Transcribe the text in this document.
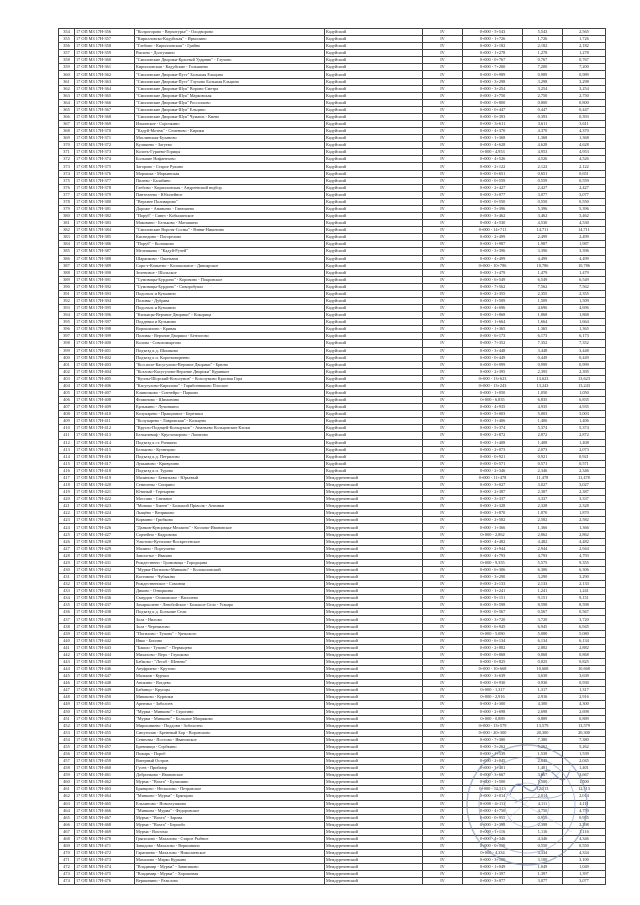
354	17 ОП МЗ 17Н-356	"Колрогорово - Верхотурье" - Олодворово	Кадуйский	IV	0+000 - 5+543	5,543	2,565
355	17 ОП МЗ 17Н-357	"Кирилловско-Кадуйская" - Ирмолинo	Кадуйский	IV	0+000 - 1+726	1,726	1,726
356	17 ОП МЗ 17Н-358	"Глебово - Кирилловская" - Грайно	Кадуйский	IV	0+000 - 2+182	2,182	2,182
357	17 ОП МЗ 17Н-359	Рысино - Долгушино	Кадуйский	IV	0+000 - 1+278	1,278	1,278
358	17 ОП МЗ 17Н-360	"Смиловские Дворики-Красный Ударник" - Глухово	Кадуйский	IV	0+000 - 0+767	0,767	0,767
359	17 ОП МЗ 17Н-361	Кирилловская - Кадуйские - Гольяшево	Кадуйский	IV	0+000 - 7+200	7,200	7,200
360	17 ОП МЗ 17Н-362	"Смиловские Дворики-Пуст" Большая Ельцина	Кадуйский	IV	0+000 - 0+989	0,989	0,989
361	17 ОП МЗ 17Н-363	"Смиловские Дворики-Пуст" Глухово Большая Ельцина	Кадуйский	IV	0+000 - 3+298	3,298	3,298
362	17 ОП МЗ 17Н-364	"Смиловские Дворики-Шуя" Воронь-Сметра	Кадуйский	IV	0+000 - 3+254	3,254	3,254
363	17 ОП МЗ 17Н-365	"Смиловские Дворики-Шуя" Марковская	Кадуйский	IV	0+000 - 2+750	2,750	2,750
364	17 ОП МЗ 17Н-366	"Смиловские Дворики-Шуя" Россолково	Кадуйский	IV	0+000 - 0+800	0,800	0,800
365	17 ОП МЗ 17Н-367	"Смиловские Дворики-Шуя" Ельцино	Кадуйский	IV	0+000 - 0+447	0,447	0,447
366	17 ОП МЗ 17Н-368	"Смиловские Дворики-Шуя" Чумашь - Киево	Кадуйский	IV	0+000 - 0+393	0,393	0,393
367	17 ОП МЗ 17Н-369	Ильинское - Сорочкино	Кадуйский	IV	0+000 - 3+611	3,611	3,611
368	17 ОП МЗ 17Н-370	"Кадуй-Мотеж" - Семеново - Кирики	Кадуйский	IV	0+000 - 4+370	4,370	4,370
369	17 ОП МЗ 17Н-371	Маслинская-Буланово	Кадуйский	IV	0+000 - 1+368	1,368	1,368
370	17 ОП МЗ 17Н-372	Кулишево - Загуево	Кадуйский	IV	0+000 - 4+628	4,628	4,628
371	17 ОП МЗ 17Н-373	Колоть-Гуряево-Горицы	Кадуйский	IV	0+000 - 4,953	4,953	4,953
372	17 ОП МЗ 17Н-374	Большие Нифантьево	Кадуйский	IV	0+000 - 4+526	4,526	4,526
373	17 ОП МЗ 17Н-375	Загорово - Старое Рукино	Кадуйский	IV	0+000 - 2+122	2,122	2,122
374	17 ОП МЗ 17Н-376	Морошка - Марьинская	Кадуйский	IV	0+000 - 0+651	0,651	0,651
375	17 ОП МЗ 17Н-377	Пилево - Балабино	Кадуйский	IV	0+000 - 0+559	0,559	0,559
376	17 ОП МЗ 17Н-378	Глебово - Кирилловская - Андреевский водбор	Кадуйский	IV	0+000 - 2+427	2,427	2,427
377	17 ОП МЗ 17Н-379	Пантелеево - Юбилейное	Кадуйский	IV	0+000 - 3+077	3,077	3,077
378	17 ОП МЗ 17Н-380	"Верхнее Поливарово"	Кадуйский	IV	0+000 - 0+550	0,550	0,550
379	17 ОП МЗ 17Н-381	Дороже - Ананьево - Ганюшево	Кадуйский	IV	0+000 - 5+396	5,396	5,396
380	17 ОП МЗ 17Н-382	"Поруб" - Сивез - Кобылинское	Кадуйский	IV	0+000 - 3+462	3,462	3,462
381	17 ОП МЗ 17Н-383	Маковино - Бельково - Маташино	Кадуйский	IV	0+000 - 4+530	4,530	4,530
382	17 ОП МЗ 17Н-384	"Смиловские Воротя-Сосны" - Вэвви-Никитино	Кадуйский	IV	0+000 - 14+711	14,711	14,711
383	17 ОП МЗ 17Н-385	Киснедино - Погорелово	Кадуйский	IV	0+000 - 2+499	2,499	2,499
384	17 ОП МЗ 17Н-386	"Поруб" - Колпаково	Кадуйский	IV	0+000 - 1+987	1,987	1,987
385	17 ОП МЗ 17Н-387	Мелешково - "Кадуй-Ручей"	Кадуйский	IV	0+000 - 3+396	3,396	3,396
386	17 ОП МЗ 17Н-388	Шарапково - Оконьнов	Кадуйский	IV	0+000 - 4+499	4,499	4,499
387	17 ОП МЗ 17Н-389	Соро-т-Копытно - Колокольное - Дивоярское	Кадуйский	IV	0+000 - 10+786	10,786	10,786
388	17 ОП МЗ 17Н-390	Зеленовое - Шольское	Кадуйский	IV	0+000 - 1+479	1,479	1,479
389	17 ОП МЗ 17Н-391	"Сумовицы-Бурдино" - Коровино - Покровское	Кадуйский	IV	0+000 - 6+549	6,549	6,549
390	17 ОП МЗ 17Н-392	"Сумовицы-Бурдино" - Сиворобуши	Кадуйский	IV	0+000 - 7+562	7,562	7,562
391	17 ОП МЗ 17Н-393	Подольск и Кузьмино	Кадуйский	IV	0+000 - 2+355	2,355	2,355
392	17 ОП МЗ 17Н-394	Поливы - Дубрава	Кадуйский	IV	0+000 - 1+509	1,509	1,509
393	17 ОП МЗ 17Н-395	Подольск и Кузьмино	Кадуйский	IV	0+000 - 4+696	4,696	4,696
394	17 ОП МЗ 17Н-396	"Кильицы-Верхние Дворики" - Кокорица	Кадуйский	IV	0+000 - 1+868	1,868	1,868
395	17 ОП МЗ 17Н-397	Поддевки и Кузьмино	Кадуйский	IV	0+000 - 1+664	1,664	1,664
396	17 ОП МЗ 17Н-398	Ворошилово - Кривая	Кадуйский	IV	0+000 - 1+365	1,365	1,365
397	17 ОП МЗ 17Н-399	Поливы - Верхние Дворики - Безногово	Кадуйский	IV	0+000 - 6+173	6,173	6,173
398	17 ОП МЗ 17Н-400	Колова - Совохомыргово	Кадуйский	IV	0+000 - 7+352	7,352	7,352
399	17 ОП МЗ 17Н-401	Подъезд к д. Шишкова	Кадуйский	IV	0+000 - 3+448	3,448	3,448
400	17 ОП МЗ 17Н-402	Подъезд к п. Коротковорнево	Кадуйский	IV	0+000 - 0+449	0,449	0,449
401	17 ОП МЗ 17Н-403	"Кол.поле-Касугулово-Верхние Дворики" - Брюна	Кадуйский	IV	0+000 - 0+999	0,999	0,999
402	17 ОП МЗ 17Н-404	"Козлово-Касугулово-Верхние Дворики" Куринкое	Кадуйский	IV	0+000 - 2+395	2,395	2,395
403	17 ОП МЗ 17Н-405	"Куплы-Шорский-Козолумов" - Козолумово Красная Гора	Кадуйский	IV	0+000 - 13+623	13,623	13,623
404	17 ОП МЗ 17Н-406	"Касугулово-Кирилово" - Гарибонниково Плоское	Кадуйский	IV	0+000 - 13+243	13,243	13,243
405	17 ОП МЗ 17Н-407	Кляничково - Ситнейро - Парково	Кадуйский	IV	0+000 - 1+050	1,050	1,050
406	17 ОП МЗ 17Н-408	Фоминово - Шимонинo	Кадуйский	IV	0+000 - 6,835	6,835	6,835
407	17 ОП МЗ 17Н-409	Ерлыкино - Лучинкино	Кадуйский	IV	0+000 - 4+935	4,935	4,935
408	17 ОП МЗ 17Н-410	Колупарево - Пращичное - Березики	Кадуйский	IV	0+000 - 5+003	5,003	5,003
409	17 ОП МЗ 17Н-411	"Колупарево - Лавровская" - Кольцево	Кадуйский	IV	0+000 - 1+406	1,406	1,406
410	17 ОП МЗ 17Н-412	"Кругло-Поднцей-Кольцумов" - Ананьево Кольцовские Клоки	Кадуйский	IV	0+000 - 5+374	5,374	5,374
411	17 ОП МЗ 17Н-413	Бельячевиф - Кругломорово - Лазиеово	Кадуйский	IV	0+000 - 2+872	2,872	2,872
412	17 ОП МЗ 17Н-414	Подъезд к ст. Ричкино	Кадуйский	IV	0+000 - 1+408	1,408	1,408
413	17 ОП МЗ 17Н-415	Бельково - Кузнецово	Кадуйский	IV	0+000 - 2+073	2,073	2,073
414	17 ОП МЗ 17Н-416	Подъезд к д. Петрилово	Кадуйский	IV	0+000 - 0+921	0,921	0,921
415	17 ОП МЗ 17Н-417	Лукьяново - Кривулинo	Кадуйский	IV	0+000 - 0+571	0,571	0,571
416	17 ОП МЗ 17Н-418	Подъезд к п. Туровo	Кадуйский	IV	0+000 - 2+346	2,346	2,346
417	17 ОП МЗ 17Н-419	Малиново - Бевизьево - Юрьевый	Междуреченский	IV	0+000 - 11+478	11,478	11,478
418	17 ОП МЗ 17Н-420	Сеничены - Спирино	Междуреченский	IV	0+000 - 3+027	3,027	3,027
419	17 ОП МЗ 17Н-421	Юзиный - Тертыреве	Междуреченский	IV	0+000 - 2+387	2,387	2,387
420	17 ОП МЗ 17Н-422	Моссано - Снежное	Междуреченский	IV	0+000 - 3+337	3,337	3,337
421	17 ОП МЗ 17Н-423	"Монако - Хмеев" - Большой Пріволк - Ангиньв	Междуреченский	IV	0+000 - 2+328	2,328	2,328
422	17 ОП МЗ 17Н-424	Лыщёво - Веприково	Междуреченский	IV	0+000 - 1+870	1,870	1,870
423	17 ОП МЗ 17Н-425	Кормино - Грибково	Междуреченский	IV	0+000 - 2+582	2,582	2,582
424	17 ОП МЗ 17Н-426	"Данков-Кунцовцы-Мелаино" - Козлово-Ивановское	Междуреченский	IV	0+000 - 1+366	1,366	1,366
425	17 ОП МЗ 17Н-427	Сорчейно - Кадровова	Междуреченский	IV	0+000 - 2,862	2,862	2,862
426	17 ОП МЗ 17Н-428	Ускотово-Кутилово-Воскресенское	Междуреченский	IV	0+000 - 4+482	4,482	4,482
427	17 ОП МЗ 17Н-429	Малино - Поргушево	Междуреченский	IV	0+000 - 2+944	2,944	2,944
428	17 ОП МЗ 17Н-430	Заноготье - Ивашно	Междуреченский	IV	0+000 - 4+793	4,793	4,793
429	17 ОП МЗ 17Н-431	Рождествено - Громовица - Городщина	Междуреченский	IV	0+000 - 9,355	5,575	9,355
430	17 ОП МЗ 17Н-432	"Мурма-Погилово-Минково" - Колоколовский	Междуреченский	IV	0+000 - 6+306	6,306	6,306
431	17 ОП МЗ 17Н-433	Кастимно - Чубыкiно	Междуреченский	IV	0+000 - 3+290	3,290	3,290
432	17 ОП МЗ 17Н-434	Рождественское - Сомовчи	Междуреченский	IV	0+000 - 2+133	2,133	2,133
433	17 ОП МЗ 17Н-435	Диково - Отворкино	Междуреченский	IV	0+000 - 1+241	1,241	1,241
434	17 ОП МЗ 17Н-436	Смердов - Осиповское - Василево	Междуреченский	IV	0+000 - 9+151	9,151	9,151
435	17 ОП МЗ 17Н-437	Захаркилене - Левобойское - Большое Село - Усмира	Междуреченский	IV	0+000 - 8+598	8,598	8,598
436	17 ОП МЗ 17Н-438	Подъезд к д. Большие Сели	Междуреченский	IV	0+000 - 0+567	0,567	0,567
437	17 ОП МЗ 17Н-439	Зола - Нилово	Междуреченский	IV	0+000 - 3+720	3,720	3,720
438	17 ОП МЗ 17Н-440	Зола - Черепилово	Междуреченский	IV	0+000 - 6+945	6,945	6,945
439	17 ОП МЗ 17Н-441	"Погилово - Тупово" - Урньского	Междуреченский	IV	0+000 - 5,080	5,080	5,080
440	17 ОП МЗ 17Н-442	Ивко - Бисино	Междуреченский	IV	0+000 - 6+134	6,134	6,134
441	17 ОП МЗ 17Н-443	"Бакшо - Тупово" - Пермьцево	Междуреченский	IV	0+000 - 2+882	2,882	2,882
442	17 ОП МЗ 17Н-444	Михалово - Верх - Глушково	Междуреченский	IV	0+000 - 0+868	0,868	0,868
443	17 ОП МЗ 17Н-445	Бабково - "Лесоб - Шенево"	Междуреченский	IV	0+000 - 0+825	0,825	0,825
444	17 ОП МЗ 17Н-446	Ануфриево - Крутово	Междуреченский	IV	0+000 - 10+668	10,668	10,668
445	17 ОП МЗ 17Н-447	Мальков - Курчки	Междуреченский	IV	0+000 - 3+639	3,639	3,639
446	17 ОП МЗ 17Н-448	Анокино - Вогдево	Междуреченский	IV	0+000 - 0+930	0,930	0,930
447	17 ОП МЗ 17Н-449	Бабинцо - Крупцы	Междуреченский	IV	0+000 - 1,317	1,317	1,317
448	17 ОП МЗ 17Н-450	Мишково - Курпики	Междуреченский	IV	0+000 - 2,916	2,916	2,916
449	17 ОП МЗ 17Н-451	Арнемьо - Заболоев	Междуреченский	IV	0+000 - 4+300	4,300	4,300
450	17 ОП МЗ 17Н-452	"Мурма - Минково" - Строгино	Междуреченский	IV	0+000 - 2+698	2,698	2,698
451	17 ОП МЗ 17Н-453	"Мурма - Минково" - Большое Маэряково	Междуреченский	IV	0+000 - 0,889	0,889	0,889
452	17 ОП МЗ 17Н-454	Мирошниево - Поддовн - Зоболотно	Междуреченский	IV	0+000 - 13+579	13,579	13,579
453	17 ОП МЗ 17Н-455	Сипугилав - Бреневый Бор - Воронсково	Междуреченский	IV	0+000 - 20+300	20,300	20,300
454	17 ОП МЗ 17Н-456	Сеничны - Постово - Ивановское	Междуреченский	IV	0+000 - 7+380	7,380	7,380
455	17 ОП МЗ 17Н-457	Бревнищи - Сорбкино	Междуреченский	IV	0+000 - 5+262	5,262	5,262
456	17 ОП МЗ 17Н-458	Пожарь - Пороб	Междуреченский	IV	0+000 - 1+539	1,539	1,539
457	17 ОП МЗ 17Н-459	Ватерный Остров	Междуреченский	IV	0+000 - 2+045	2,045	2,045
458	17 ОП МЗ 17Н-460	Гусев - Прибаюр	Междуреченский	IV	0+000 - 1+401	1,401	1,401
459	17 ОП МЗ 17Н-461	Добричково - Ивановское	Междуреченский	IV	0+000 - 3+667	3,667	3,667
460	17 ОП МЗ 17Н-462	Мурма - "Вохта" - Булашино	Междуреченский	IV	0+000 - 1+500	1,500	1,500
461	17 ОП МЗ 17Н-463	Брянцово - Несколово - Петровское	Междуреченский	IV	0+000 - 12,513	12,513	12,513
462	17 ОП МЗ 17Н-464	"Минково - Мурма" - Брянцово	Междуреченский	IV	0+000 - 2+014	2,014	2,014
463	17 ОП МЗ 17Н-465	Ельхиново - Новоглушкова	Междуреченский	IV	0+000 - 4+111	4,111	4,111
464	17 ОП МЗ 17Н-466	"Минкова - Мурма" - Федоровское	Междуреченский	IV	0+000 - 4+750	4,750	4,750
465	17 ОП МЗ 17Н-467	Мурма - "Вохта" - Зарова	Междуреченский	IV	0+000 - 0+955	0,955	0,955
466	17 ОП МЗ 17Н-468	Мурма - "Вохта" - Бериобо	Междуреченский	IV	0+000 - 2+398	2,398	2,398
467	17 ОП МЗ 17Н-469	Мурма - Вохтомо	Междуреченский	IV	0+000 - 1+116	1,116	1,116
468	17 ОП МЗ 17Н-470	Гряполово - Махалово - Старое Рыбное	Междуреченский	IV	0+000 - 4+346	4,346	4,346
469	17 ОП МЗ 17Н-471	Завидово - Махалово - Вершинино	Междуреченский	IV	0+000 - 0+550	0,550	0,550
470	17 ОП МЗ 17Н-472	Гараниево - Махалово - Николаевское	Междуреченский	IV	0+000 - 4,334	4,334	4,334
471	17 ОП МЗ 17Н-473	Махалово - Марко Курьино	Междуреченский	IV	0+000 - 3+100	3,100	3,100
472	17 ОП МЗ 17Н-474	"Владимир - Мурма" - Зависиково	Междуреченский	IV	0+000 - 1+049	1,049	1,049
473	17 ОП МЗ 17Н-475	"Владимир - Мурма" - Хорошевая	Междуреченский	IV	0+000 - 1+397	1,397	1,397
474	17 ОП МЗ 17Н-476	Вершинино - Разилово	Междуреченский	IV	0+000 - 3+077	3,077	3,077
